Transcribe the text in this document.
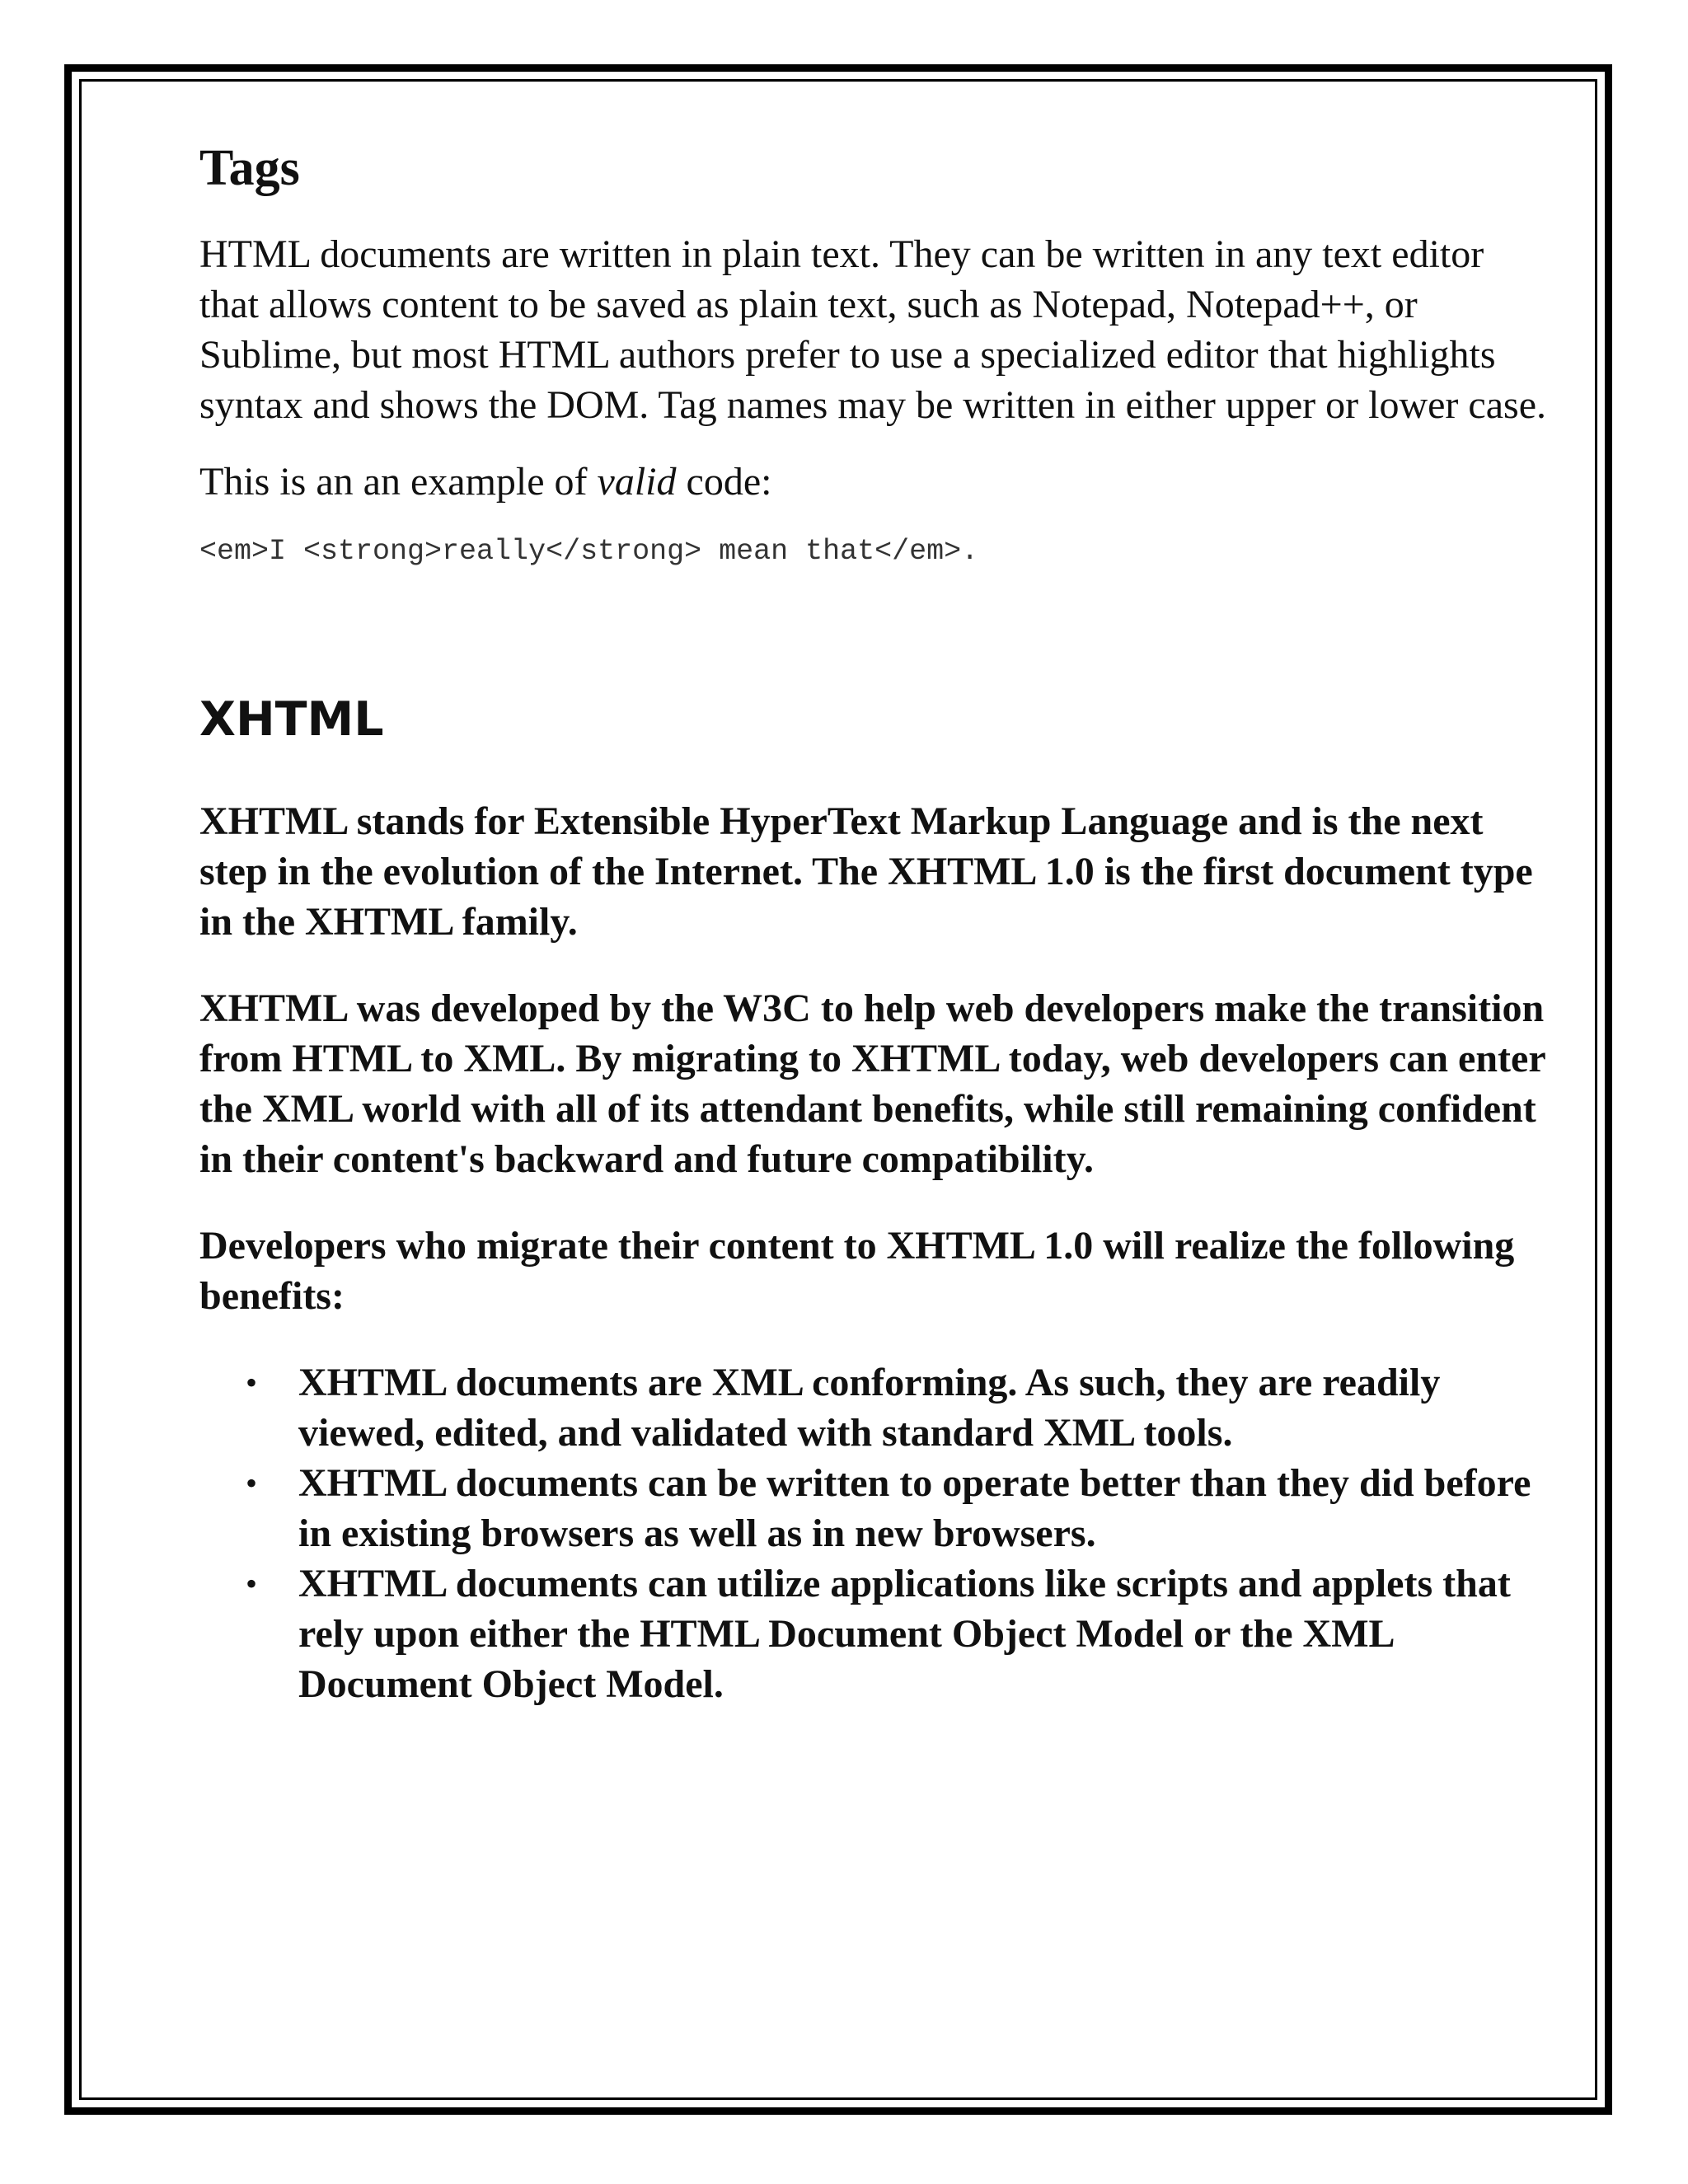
Tags

HTML documents are written in plain text. They can be written in any text editor that allows content to be saved as plain text, such as Notepad, Notepad++, or Sublime, but most HTML authors prefer to use a specialized editor that highlights syntax and shows the DOM. Tag names may be written in either upper or lower case.

This is an an example of valid code:

<em>I <strong>really</strong> mean that</em>.
XHTML

XHTML stands for Extensible HyperText Markup Language and is the next step in the evolution of the Internet. The XHTML 1.0 is the first document type in the XHTML family.

XHTML was developed by the W3C to help web developers make the transition from HTML to XML. By migrating to XHTML today, web developers can enter the XML world with all of its attendant benefits, while still remaining confident in their content's backward and future compatibility.

Developers who migrate their content to XHTML 1.0 will realize the following benefits:

• XHTML documents are XML conforming. As such, they are readily viewed, edited, and validated with standard XML tools.
• XHTML documents can be written to operate better than they did before in existing browsers as well as in new browsers.
• XHTML documents can utilize applications like scripts and applets that rely upon either the HTML Document Object Model or the XML Document Object Model.
